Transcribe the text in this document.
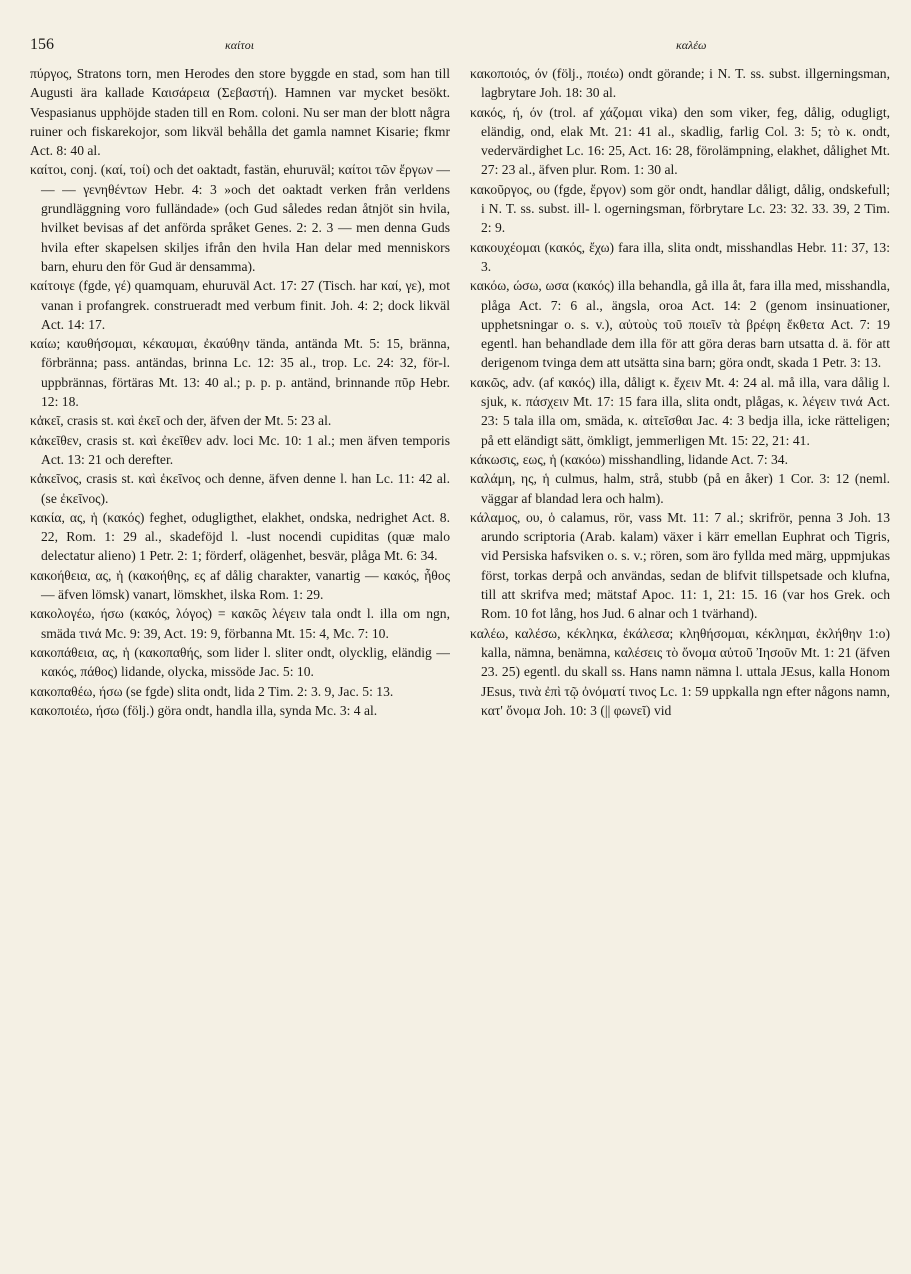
156	καίτοι	καλέω

πύργος, Stratons torn, men Herodes den store byggde en stad, som han till Augusti ära kallade Καισάρεια (Σεβαστή). Hamnen var mycket besökt. Vespasianus upphöjde staden till en Rom. coloni. Nu ser man der blott några ruiner och fiskarekojor, som likväl behålla det gamla namnet Kisarie; fkmr Act. 8: 40 al.

καίτοι, conj. (καί, τοί) och det oaktadt, fastän, ehuruväl; καίτοι τῶν ἔργων — — — γενηθέντων Hebr. 4: 3 »och det oaktadt verken från verldens grundläggning voro fulländade» (och Gud således redan åtnjöt sin hvila, hvilket bevisas af det anförda språket Genes. 2: 2. 3 — men denna Guds hvila efter skapelsen skiljes ifrån den hvila Han delar med menniskors barn, ehuru den för Gud är densamma).

καίτοιγε (fgde, γέ) quamquam, ehuruväl Act. 17: 27 (Tisch. har καί, γε), mot vanan i profangrek. construeradt med verbum finit. Joh. 4: 2; dock likväl Act. 14: 17.

καίω; καυθήσομαι, κέκαυμαι, ἐκαύθην tända, antända Mt. 5: 15, bränna, förbränna; pass. antändas, brinna Lc. 12: 35 al., trop. Lc. 24: 32, för-l. uppbrännas, förtäras Mt. 13: 40 al.; p. p. p. antänd, brinnande πῦρ Hebr. 12: 18.

κἀκεῖ, crasis st. καὶ ἐκεῖ och der, äfven der Mt. 5: 23 al.

κἀκεῖθεν, crasis st. καὶ ἐκεῖθεν adv. loci Mc. 10: 1 al.; men äfven temporis Act. 13: 21 och derefter.

κἀκεῖνος, crasis st. καὶ ἐκεῖνος och denne, äfven denne l. han Lc. 11: 42 al. (se ἐκεῖνος).

κακία, ας, ἡ (κακός) feghet, odugligthet, elakhet, ondska, nedrighet Act. 8. 22, Rom. 1: 29 al., skadeföjd l. -lust nocendi cupiditas (quæ malo delectatur alieno) 1 Petr. 2: 1; förderf, olägenhet, besvär, plåga Mt. 6: 34.

κακοήθεια, ας, ἡ (κακοήθης, ες af dålig charakter, vanartig — κακός, ἦθος — äfven lömsk) vanart, lömskhet, ilska Rom. 1: 29.

κακολογέω, ήσω (κακός, λόγος) = κακῶς λέγειν tala ondt l. illa om ngn, smäda τινά Mc. 9: 39, Act. 19: 9, förbanna Mt. 15: 4, Mc. 7: 10.

κακοπάθεια, ας, ἡ (κακοπαθής, som lider l. sliter ondt, olycklig, eländig — κακός, πάθος) lidande, olycka, missöde Jac. 5: 10.

κακοπαθέω, ήσω (se fgde) slita ondt, lida 2 Tim. 2: 3. 9, Jac. 5: 13.

κακοποιέω, ήσω (följ.) göra ondt, handla illa, synda Mc. 3: 4 al.

κακοποιός, όν (följ., ποιέω) ondt görande; i N. T. ss. subst. illgerningsman, lagbrytare Joh. 18: 30 al.

κακός, ή, όν (trol. af χάζομαι vika) den som viker, feg, dålig, odugligt, eländig, ond, elak Mt. 21: 41 al., skadlig, farlig Col. 3: 5; τὸ κ. ondt, vedervärdighet Lc. 16: 25, Act. 16: 28, förolämpning, elakhet, dålighet Mt. 27: 23 al., äfven plur. Rom. 1: 30 al.

κακοῦργος, ου (fgde, ἔργον) som gör ondt, handlar dåligt, dålig, ondskefull; i N. T. ss. subst. ill- l. ogerningsman, förbrytare Lc. 23: 32. 33. 39, 2 Tim. 2: 9.

κακουχέομαι (κακός, ἔχω) fara illa, slita ondt, misshandlas Hebr. 11: 37, 13: 3.

κακόω, ώσω, ωσα (κακός) illa behandla, gå illa åt, fara illa med, misshandla, plåga Act. 7: 6 al., ängsla, oroa Act. 14: 2 (genom insinuationer, upphetsningar o. s. v.), αὐτοὺς τοῦ ποιεῖν τὰ βρέφη ἔκθετα Act. 7: 19 egentl. han behandlade dem illa för att göra deras barn utsatta d. ä. för att derigenom tvinga dem att utsätta sina barn; göra ondt, skada 1 Petr. 3: 13.

κακῶς, adv. (af κακός) illa, dåligt κ. ἔχειν Mt. 4: 24 al. må illa, vara dålig l. sjuk, κ. πάσχειν Mt. 17: 15 fara illa, slita ondt, plågas, κ. λέγειν τινά Act. 23: 5 tala illa om, smäda, κ. αἰτεῖσθαι Jac. 4: 3 bedja illa, icke rätteligen; på ett eländigt sätt, ömkligt, jemmerligen Mt. 15: 22, 21: 41.

κάκωσις, εως, ἡ (κακόω) misshandling, lidande Act. 7: 34.

καλάμη, ης, ἡ culmus, halm, strå, stubb (på en åker) 1 Cor. 3: 12 (neml. väggar af blandad lera och halm).

κάλαμος, ου, ὁ calamus, rör, vass Mt. 11: 7 al.; skrifrör, penna 3 Joh. 13 arundo scriptoria (Arab. kalam) växer i kärr emellan Euphrat och Tigris, vid Persiska hafsviken o. s. v.; rören, som äro fyllda med märg, uppmjukas först, torkas derpå och användas, sedan de blifvit tillspetsade och klufna, till att skrifva med; mätstaf Apoc. 11: 1, 21: 15. 16 (var hos Grek. och Rom. 10 fot lång, hos Jud. 6 alnar och 1 tvärhand).

καλέω, καλέσω, κέκληκα, ἐκάλεσα; κληθήσομαι, κέκλημαι, ἐκλήθην 1:o) kalla, nämna, benämna, καλέσεις τὸ ὄνομα αὐτοῦ Ἰησοῦν Mt. 1: 21 (äfven 23. 25) egentl. du skall ss. Hans namn nämna l. uttala JEsus, kalla Honom JEsus, τινὰ ἐπὶ τῷ ὀνόματί τινος Lc. 1: 59 uppkalla ngn efter någons namn, κατ' ὄνομα Joh. 10: 3 (|| φωνεῖ) vid
